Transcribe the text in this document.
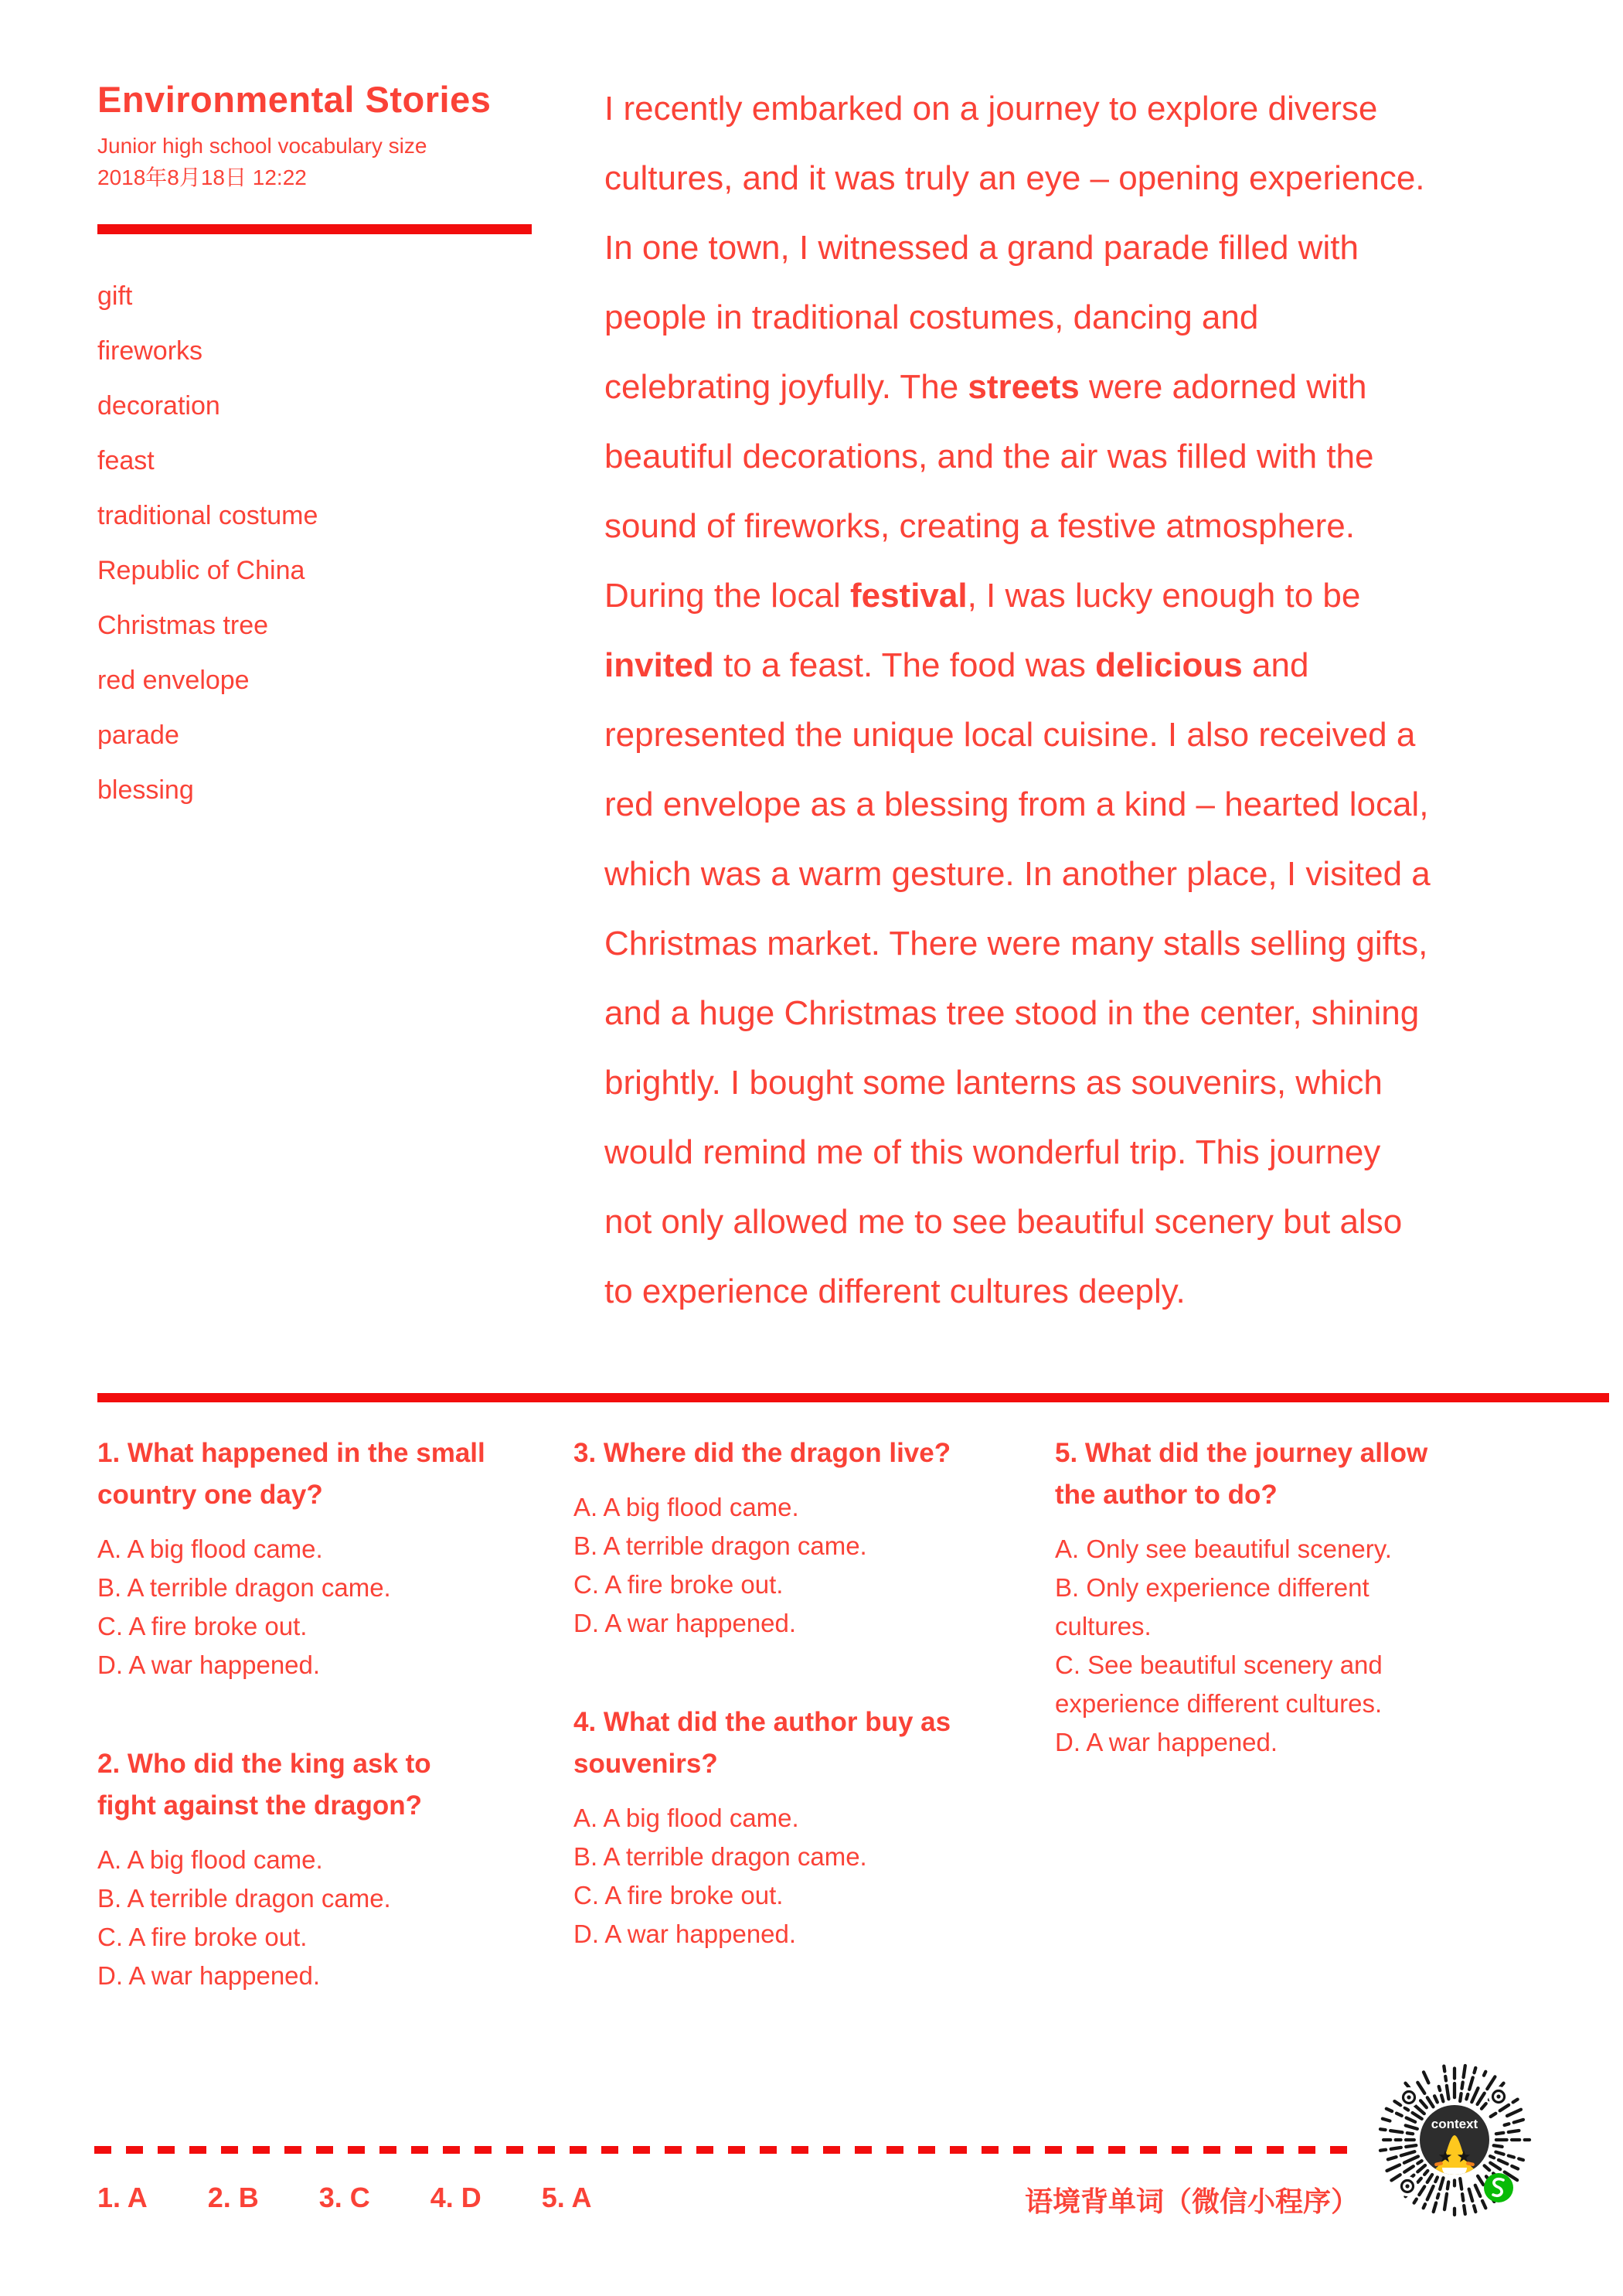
Environmental Stories
Junior high school vocabulary size
2018年8月18日 12:22
gift
fireworks
decoration
feast
traditional costume
Republic of China
Christmas tree
red envelope
parade
blessing
I recently embarked on a journey to explore diverse
cultures, and it was truly an eye – opening experience.
In one town, I witnessed a grand parade filled with
people in traditional costumes, dancing and
celebrating joyfully. The streets were adorned with
beautiful decorations, and the air was filled with the
sound of fireworks, creating a festive atmosphere.
During the local festival, I was lucky enough to be
invited to a feast. The food was delicious and
represented the unique local cuisine. I also received a
red envelope as a blessing from a kind – hearted local,
which was a warm gesture. In another place, I visited a
Christmas market. There were many stalls selling gifts,
and a huge Christmas tree stood in the center, shining
brightly. I bought some lanterns as souvenirs, which
would remind me of this wonderful trip. This journey
not only allowed me to see beautiful scenery but also
to experience different cultures deeply.
1. What happened in the small
country one day?
A. A big flood came.
B. A terrible dragon came.
C. A fire broke out.
D. A war happened.
2. Who did the king ask to
fight against the dragon?
A. A big flood came.
B. A terrible dragon came.
C. A fire broke out.
D. A war happened.
3. Where did the dragon live?
A. A big flood came.
B. A terrible dragon came.
C. A fire broke out.
D. A war happened.
4. What did the author buy as
souvenirs?
A. A big flood came.
B. A terrible dragon came.
C. A fire broke out.
D. A war happened.
5. What did the journey allow
the author to do?
A. Only see beautiful scenery.
B. Only experience different
cultures.
C. See beautiful scenery and
experience different cultures.
D. A war happened.
1. A 2. B 3. C 4. D 5. A	语境背单词（微信小程序）
context
